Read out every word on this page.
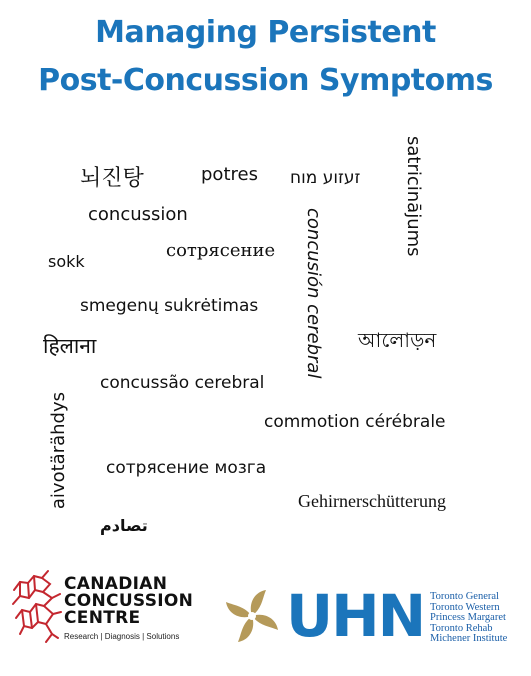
Managing Persistent
Post-Concussion Symptoms
뇌진탕	potres זעזוע מוח satricinājums
concussion	concusión cerebral
sokk
сотрясение
smegenų sukrėtimas
আলোড়ন
हिलाना
concussão cerebral
commotion cérébrale
aivotärähdys сотрясение мозга
Gehirnerschütterung
تصادم
CANADIAN
CONCUSSION
CENTRE
Research | Diagnosis | Solutions UHN Toronto General
Toronto Western
Princess Margaret
Toronto Rehab
Michener Institute
